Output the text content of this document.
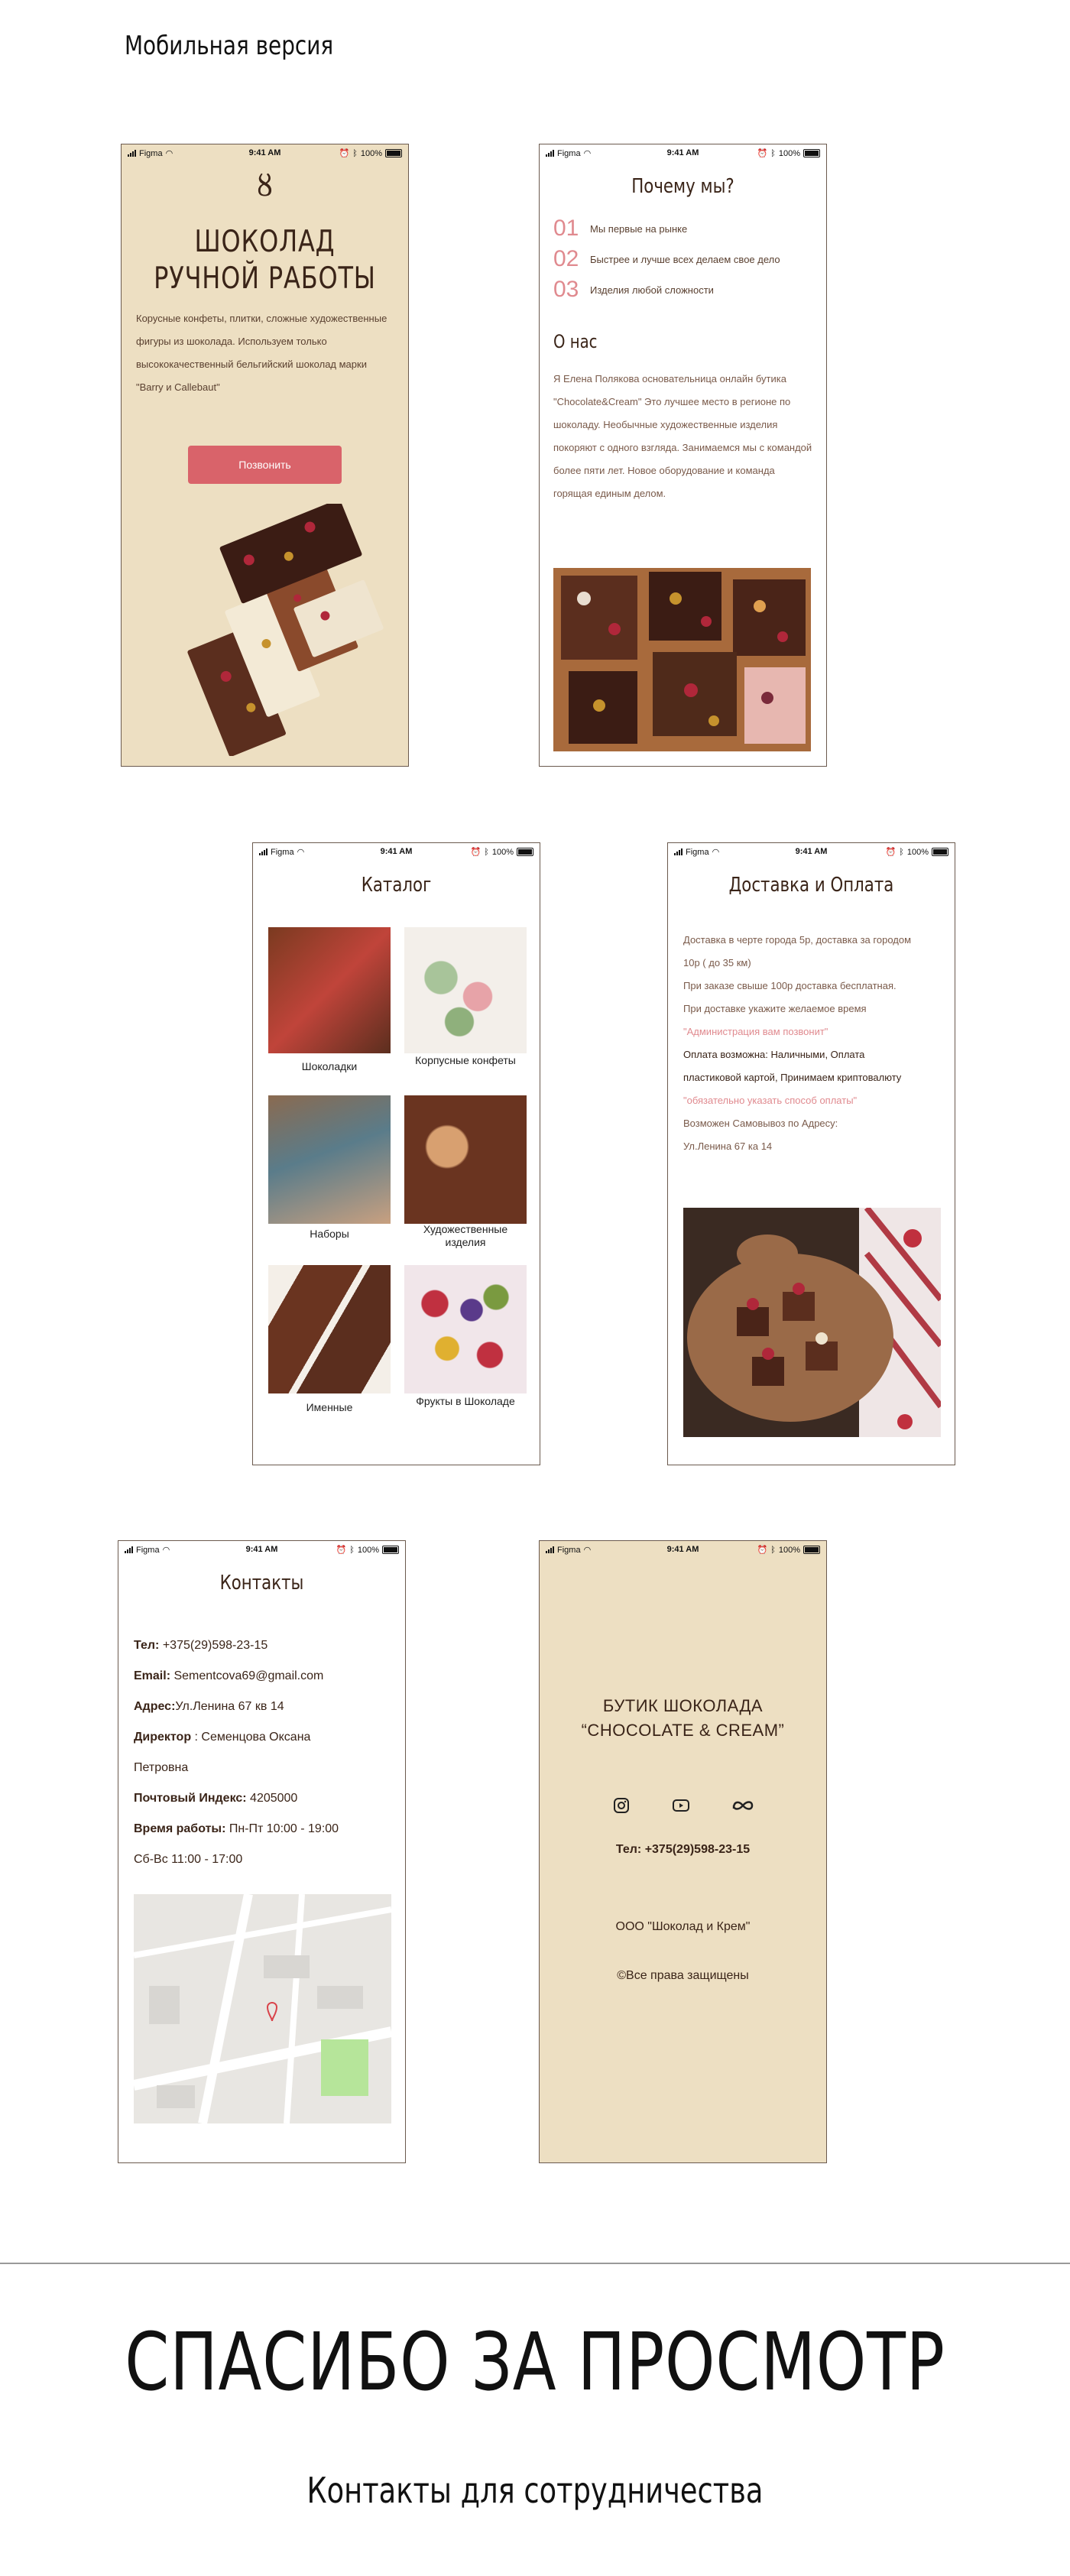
Мобильная версия
Figma ◠	9:41 AM	⏰ ᛒ 100%
ȣ
ШОКОЛАД
РУЧНОЙ РАБОТЫ
Корусные конфеты, плитки, сложные художественные фигуры из шоколада. Используем только высококачественный бельгийский шоколад марки "Barry и Callebaut"
Позвонить
Figma ◠	9:41 AM	⏰ ᛒ 100%
Почему мы?
01	Мы первые на рынке
02	Быстрее и лучше всех делаем свое дело
03	Изделия любой сложности
О нас
Я Елена Полякова основательница онлайн бутика "Chocolate&Cream" Это лучшее место в регионе по шоколаду. Необычные художественные изделия покоряют с одного взгляда. Занимаемся мы с командой более пяти лет. Новое оборудование и команда горящая единым делом.
Figma ◠	9:41 AM	⏰ ᛒ 100%
Каталог
Шоколадки	Корпусные конфеты
Наборы	Художественные изделия
Именные	Фрукты в Шоколаде
Figma ◠	9:41 AM	⏰ ᛒ 100%
Доставка и Оплата
Доставка в черте города 5р, доставка за городом
10р ( до 35 км)
При заказе свыше 100р доставка бесплатная.
При доставке укажите желаемое время
"Администрация вам позвонит"
Оплата возможна: Наличными, Оплата
пластиковой картой, Принимаем криптовалюту
"обязательно указать способ оплаты"
Возможен Самовывоз по Адресу:
Ул.Ленина 67 ка 14
Figma ◠	9:41 AM	⏰ ᛒ 100%
Контакты
Тел: +375(29)598-23-15
Email: Sementcova69@gmail.com
Адрес:Ул.Ленина 67 кв 14
Директор : Семенцова Оксана
Петровна
Почтовый Индекс: 4205000
Время работы: Пн-Пт 10:00 - 19:00
Сб-Вс 11:00 - 17:00
Figma ◠	9:41 AM	⏰ ᛒ 100%
БУТИК ШОКОЛАДА
“CHOCOLATE & CREAM”
Тел: +375(29)598-23-15
ООО "Шоколад и Крем"
©Все права защищены
СПАСИБО ЗА ПРОСМОТР
Контакты для сотрудничества
